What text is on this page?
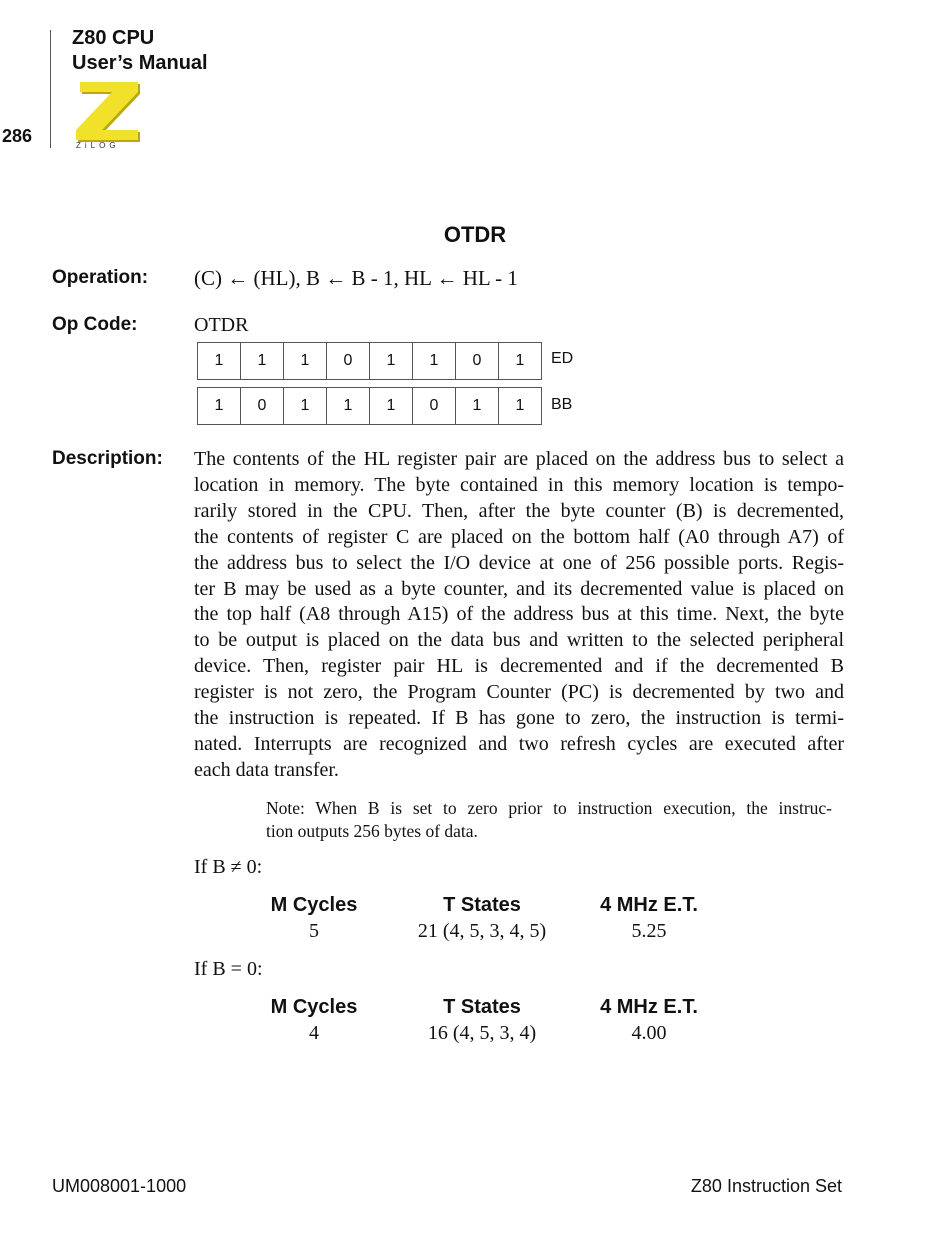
Z80 CPU
User’s Manual
286	ZiLOG
OTDR
Operation: (C) ← (HL), B ← B - 1, HL ← HL - 1
Op Code:	OTDR
1	1	1	0	1	1	0	1	ED
1	0	1	1	1	0	1	1	BB
Description: The contents of the HL register pair are placed on the address bus to select a
location in memory. The byte contained in this memory location is tempo-
rarily stored in the CPU. Then, after the byte counter (B) is decremented,
the contents of register C are placed on the bottom half (A0 through A7) of
the address bus to select the I/O device at one of 256 possible ports. Regis-
ter B may be used as a byte counter, and its decremented value is placed on
the top half (A8 through A15) of the address bus at this time. Next, the byte
to be output is placed on the data bus and written to the selected peripheral
device. Then, register pair HL is decremented and if the decremented B
register is not zero, the Program Counter (PC) is decremented by two and
the instruction is repeated. If B has gone to zero, the instruction is termi-
nated. Interrupts are recognized and two refresh cycles are executed after
each data transfer.
Note: When B is set to zero prior to instruction execution, the instruc-
tion outputs 256 bytes of data.
If B ≠ 0:
M Cycles	T States	4 MHz E.T.
5	21 (4, 5, 3, 4, 5)	5.25
If B = 0:
M Cycles	T States	4 MHz E.T.
4	16 (4, 5, 3, 4)	4.00
UM008001-1000	Z80 Instruction Set
